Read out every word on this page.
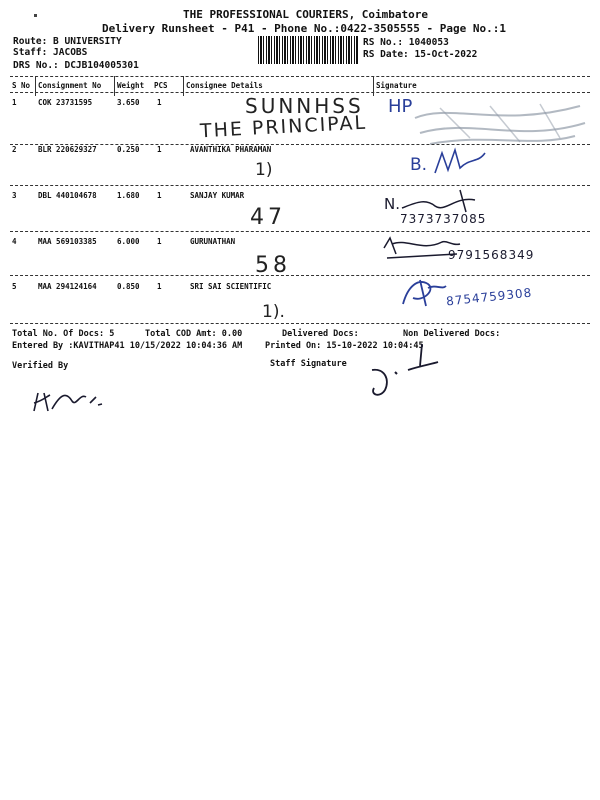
THE PROFESSIONAL COURIERS, Coimbatore
Delivery Runsheet - P41 - Phone No.:0422-3505555 - Page No.:1
Route: B UNIVERSITY
Staff: JACOBS
DRS No.: DCJB104005301
RS No.: 1040053
RS Date: 15-Oct-2022
S No Consignment No Weight PCS Consignee Details	Signature
1	COK 23731595	3.650 1	SUNNHSS
THE PRINCIPAL
HP
2	BLR 220629327	0.250 1	AVANTHIKA PHARAMAN
1)	B.
3	DBL 440104678	1.680 1	SANJAY KUMAR
47
N.
7373737085
4	MAA 569103385	6.000 1	GURUNATHAN
58	9791568349
5	MAA 294124164	0.850 1	SRI SAI SCIENTIFIC
1).
8754759308
Total No. Of Docs: 5	Total COD Amt: 0.00	Delivered Docs:	Non Delivered Docs:
Entered By :KAVITHAP41 10/15/2022 10:04:36 AM	Printed On: 15-10-2022 10:04:45
Verified By	Staff Signature
